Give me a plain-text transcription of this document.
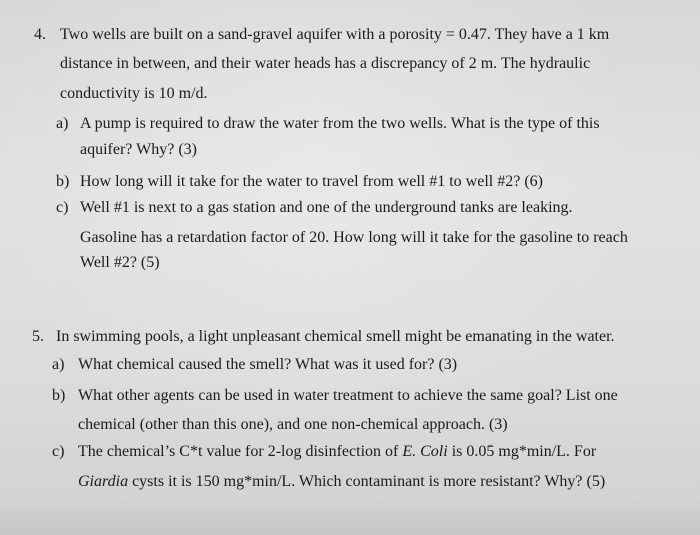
4. Two wells are built on a sand-gravel aquifer with a porosity = 0.47. They have a 1 km
distance in between, and their water heads has a discrepancy of 2 m. The hydraulic
conductivity is 10 m/d.
a) A pump is required to draw the water from the two wells. What is the type of this
aquifer? Why? (3)
b) How long will it take for the water to travel from well #1 to well #2? (6)
c) Well #1 is next to a gas station and one of the underground tanks are leaking.
Gasoline has a retardation factor of 20. How long will it take for the gasoline to reach
Well #2? (5)
5. In swimming pools, a light unpleasant chemical smell might be emanating in the water.
a) What chemical caused the smell? What was it used for? (3)
b) What other agents can be used in water treatment to achieve the same goal? List one
chemical (other than this one), and one non-chemical approach. (3)
c) The chemical’s C*t value for 2-log disinfection of E. Coli is 0.05 mg*min/L. For
Giardia cysts it is 150 mg*min/L. Which contaminant is more resistant? Why? (5)
